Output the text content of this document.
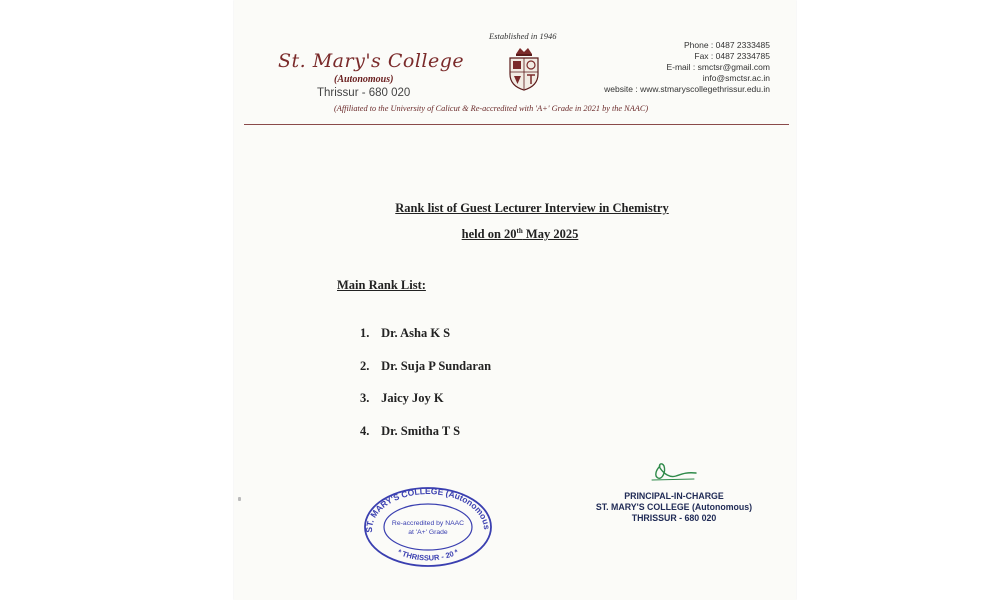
St. Mary's College
(Autonomous)
Thrissur - 680 020
Established in 1946
Phone : 0487 2333485
Fax : 0487 2334785
E-mail : smctsr@gmail.com
info@smctsr.ac.in
website : www.stmaryscollegethrissur.edu.in
(Affiliated to the University of Calicut & Re-accredited with 'A+' Grade in 2021 by the NAAC)
Rank list of Guest Lecturer Interview in Chemistry
held on 20th May 2025
Main Rank List:
1. Dr. Asha K S
2. Dr. Suja P Sundaran
3. Jaicy Joy K
4. Dr. Smitha T S
PRINCIPAL-IN-CHARGE
ST. MARY'S COLLEGE (Autonomous)
THRISSUR - 680 020
ST. MARY'S COLLEGE (Autonomous
Re-accredited by NAAC
at 'A+' Grade
* THRISSUR - 20 *
